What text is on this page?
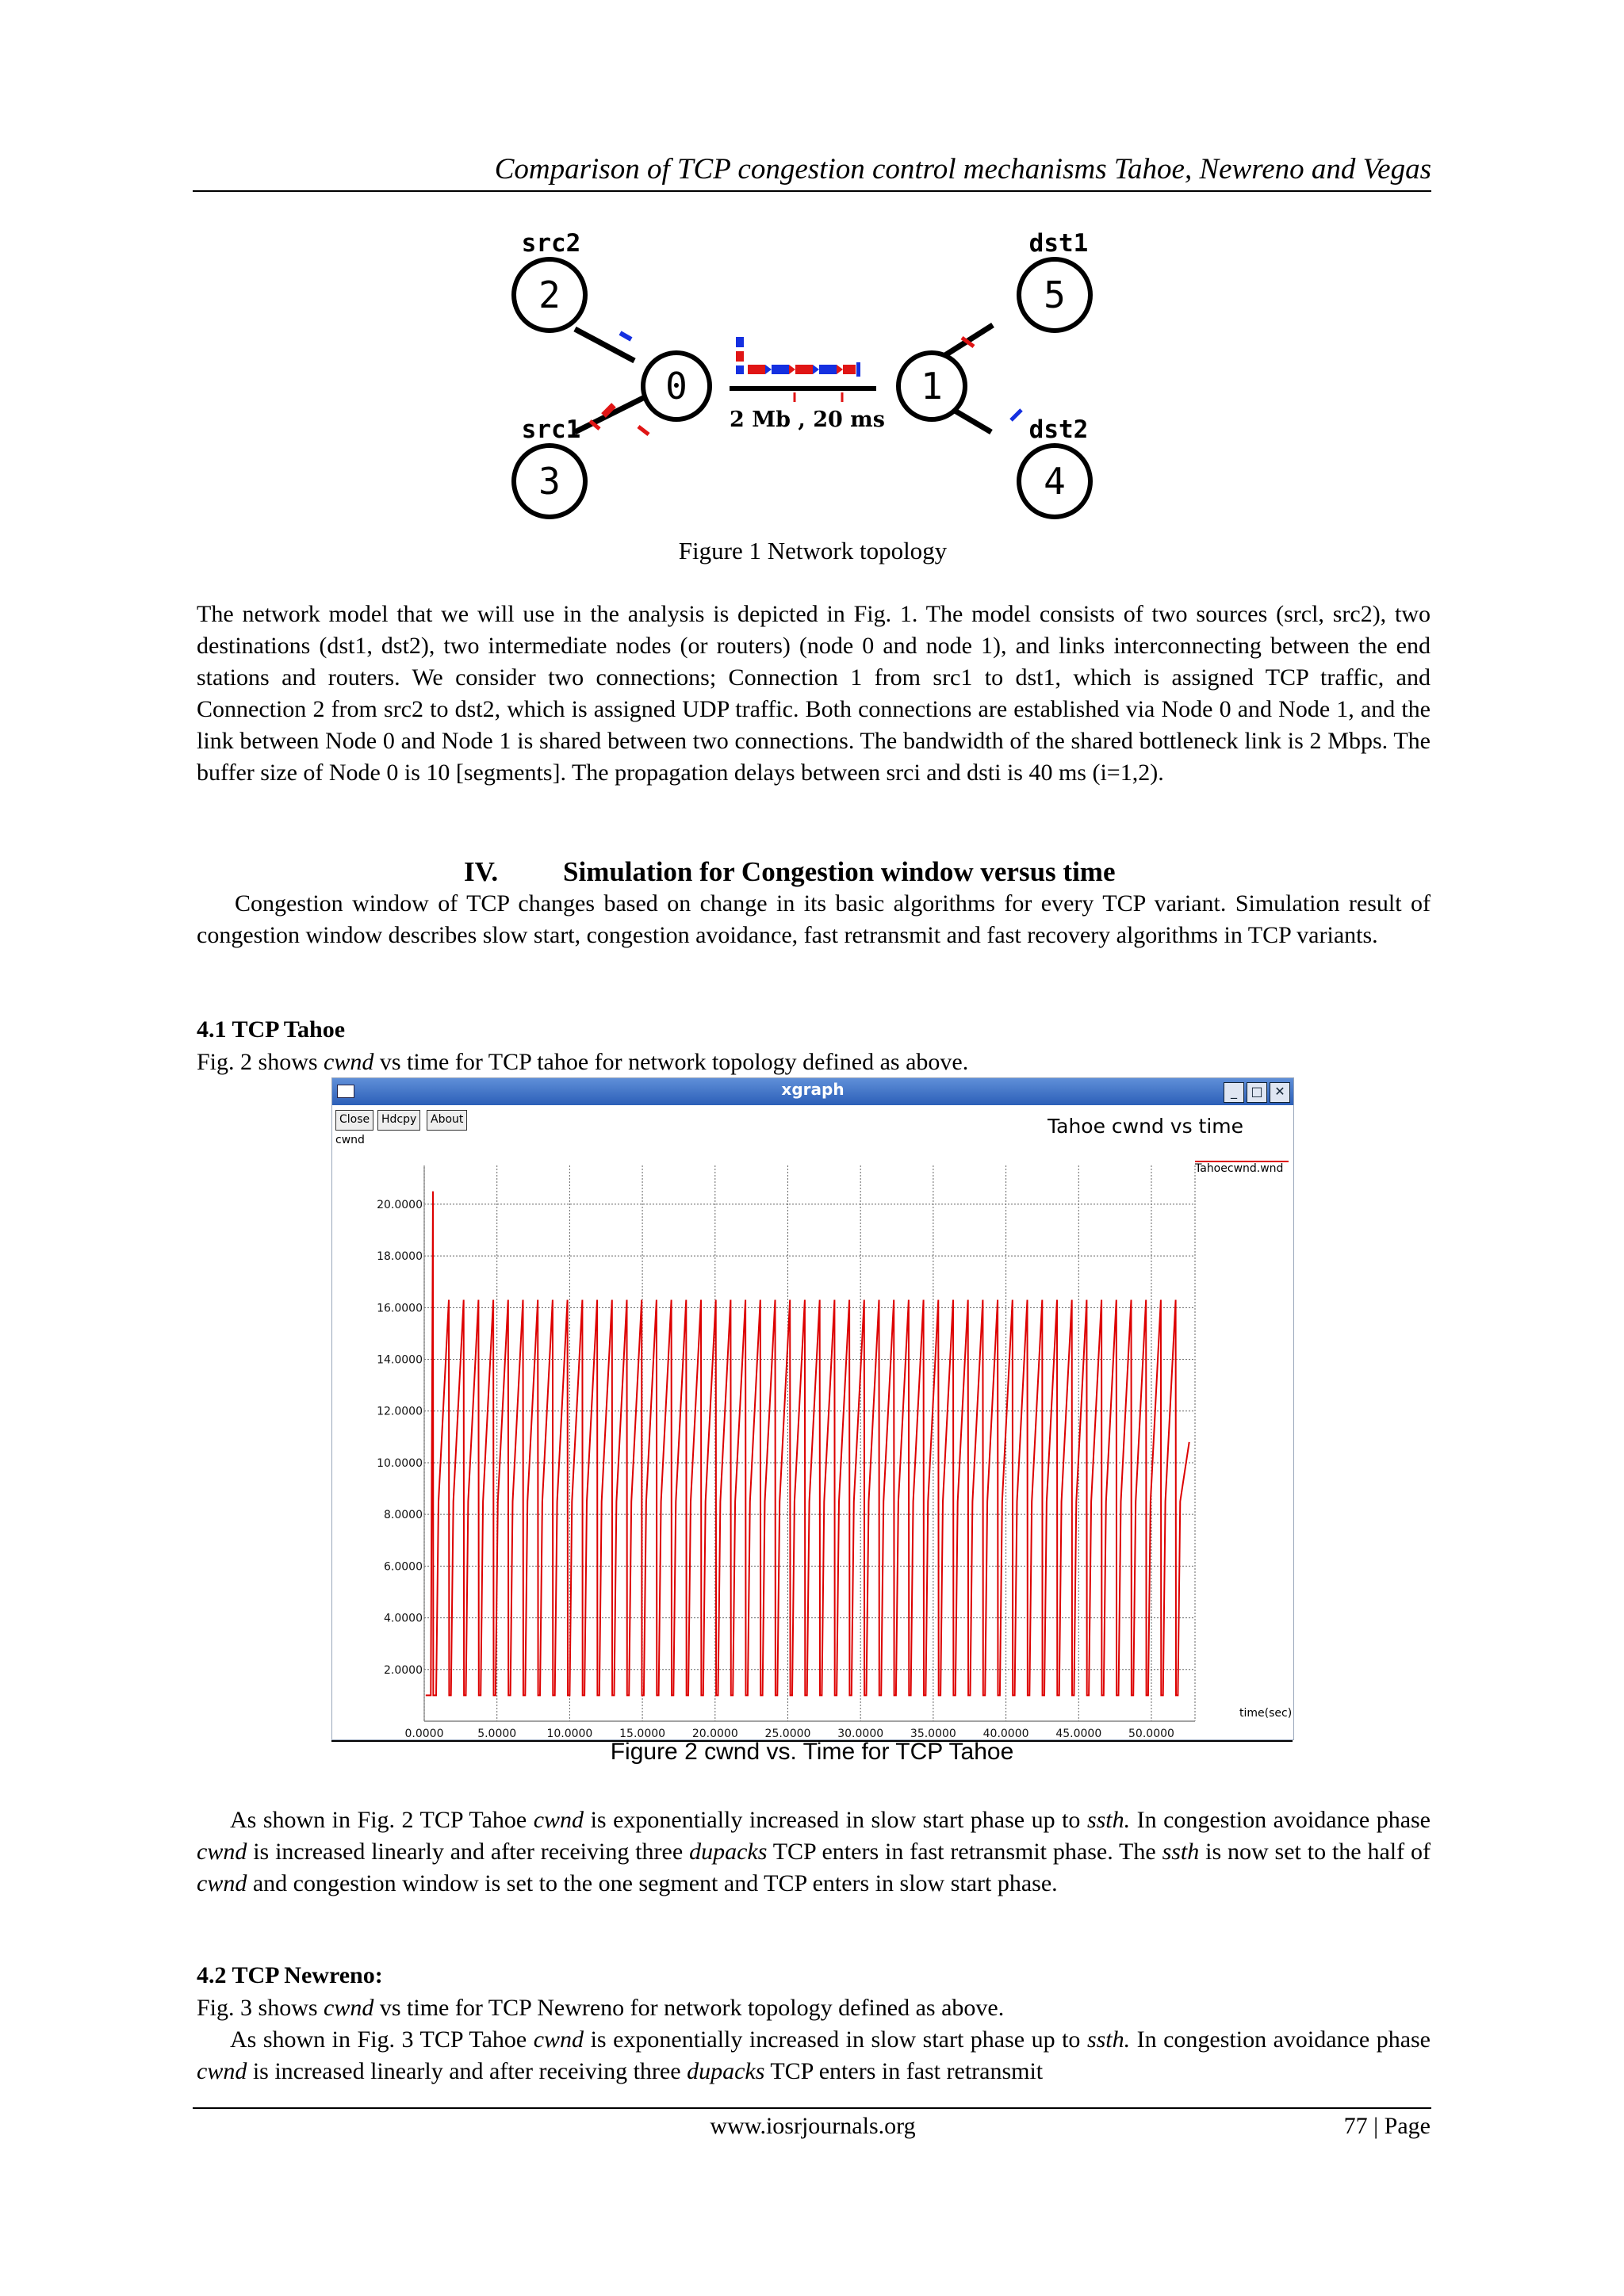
Comparison of TCP congestion control mechanisms Tahoe, Newreno and Vegas
0	1
2
3	4
5
src2
src1	dst2
dst1
2 Mb , 20 ms
Figure 1 Network topology
The network model that we will use in the analysis is depicted in Fig. 1. The model consists of two sources (srcl, src2), two destinations (dst1, dst2), two intermediate nodes (or routers) (node 0 and node 1), and links interconnecting between the end stations and routers. We consider two connections; Connection 1 from src1 to dst1, which is assigned TCP traffic, and Connection 2 from src2 to dst2, which is assigned UDP traffic. Both connections are established via Node 0 and Node 1, and the link between Node 0 and Node 1 is shared between two connections. The bandwidth of the shared bottleneck link is 2 Mbps. The buffer size of Node 0 is 10 [segments]. The propagation delays between srci and dsti is 40 ms (i=1,2).
IV. Simulation for Congestion window versus time
Congestion window of TCP changes based on change in its basic algorithms for every TCP variant. Simulation result of congestion window describes slow start, congestion avoidance, fast retransmit and fast recovery algorithms in TCP variants.
4.1 TCP Tahoe
Fig. 2 shows cwnd vs time for TCP tahoe for network topology defined as above.
xgraph	_	□ ✕
Close	Hdcpy	About
cwnd
Tahoe cwnd vs time
Tahoecwnd.wnd
time(sec)
2.0000
4.0000
6.0000
8.0000
10.0000
12.0000
14.0000
16.0000
18.0000
20.0000
0.0000	5.0000	10.0000 15.0000 20.0000 25.0000 30.0000 35.0000 40.0000 45.0000 50.0000
Figure 2 cwnd vs. Time for TCP Tahoe
As shown in Fig. 2 TCP Tahoe cwnd is exponentially increased in slow start phase up to ssth. In congestion avoidance phase cwnd is increased linearly and after receiving three dupacks TCP enters in fast retransmit phase. The ssth is now set to the half of cwnd and congestion window is set to the one segment and TCP enters in slow start phase.
4.2 TCP Newreno:
Fig. 3 shows cwnd vs time for TCP Newreno for network topology defined as above.
As shown in Fig. 3 TCP Tahoe cwnd is exponentially increased in slow start phase up to ssth. In congestion avoidance phase cwnd is increased linearly and after receiving three dupacks TCP enters in fast retransmit
www.iosrjournals.org	77 | Page
